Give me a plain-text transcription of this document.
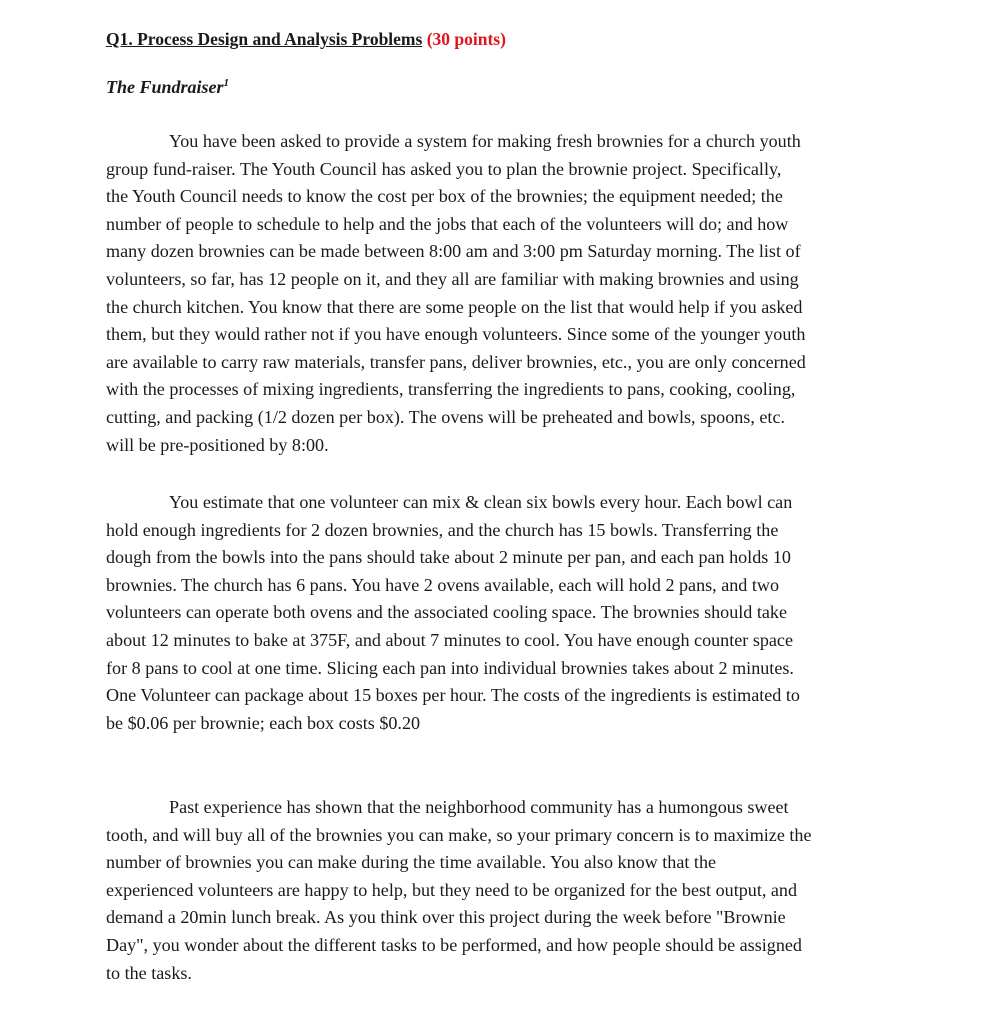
Q1. Process Design and Analysis Problems (30 points)
The Fundraiser$^1$

You have been asked to provide a system for making fresh brownies for a church youth
group fund-raiser. The Youth Council has asked you to plan the brownie project. Specifically,
the Youth Council needs to know the cost per box of the brownies; the equipment needed; the
number of people to schedule to help and the jobs that each of the volunteers will do; and how
many dozen brownies can be made between 8:00 am and 3:00 pm Saturday morning. The list of
volunteers, so far, has 12 people on it, and they all are familiar with making brownies and using
the church kitchen. You know that there are some people on the list that would help if you asked
them, but they would rather not if you have enough volunteers. Since some of the younger youth
are available to carry raw materials, transfer pans, deliver brownies, etc., you are only concerned
with the processes of mixing ingredients, transferring the ingredients to pans, cooking, cooling,
cutting, and packing (1/2 dozen per box). The ovens will be preheated and bowls, spoons, etc.
will be pre-positioned by 8:00.

You estimate that one volunteer can mix & clean six bowls every hour. Each bowl can
hold enough ingredients for 2 dozen brownies, and the church has 15 bowls. Transferring the
dough from the bowls into the pans should take about 2 minute per pan, and each pan holds 10
brownies. The church has 6 pans. You have 2 ovens available, each will hold 2 pans, and two
volunteers can operate both ovens and the associated cooling space. The brownies should take
about 12 minutes to bake at 375F, and about 7 minutes to cool. You have enough counter space
for 8 pans to cool at one time. Slicing each pan into individual brownies takes about 2 minutes.
One Volunteer can package about 15 boxes per hour. The costs of the ingredients is estimated to
be $0.06 per brownie; each box costs $0.20

Past experience has shown that the neighborhood community has a humongous sweet
tooth, and will buy all of the brownies you can make, so your primary concern is to maximize the
number of brownies you can make during the time available. You also know that the
experienced volunteers are happy to help, but they need to be organized for the best output, and
demand a 20min lunch break. As you think over this project during the week before "Brownie
Day", you wonder about the different tasks to be performed, and how people should be assigned
to the tasks.
